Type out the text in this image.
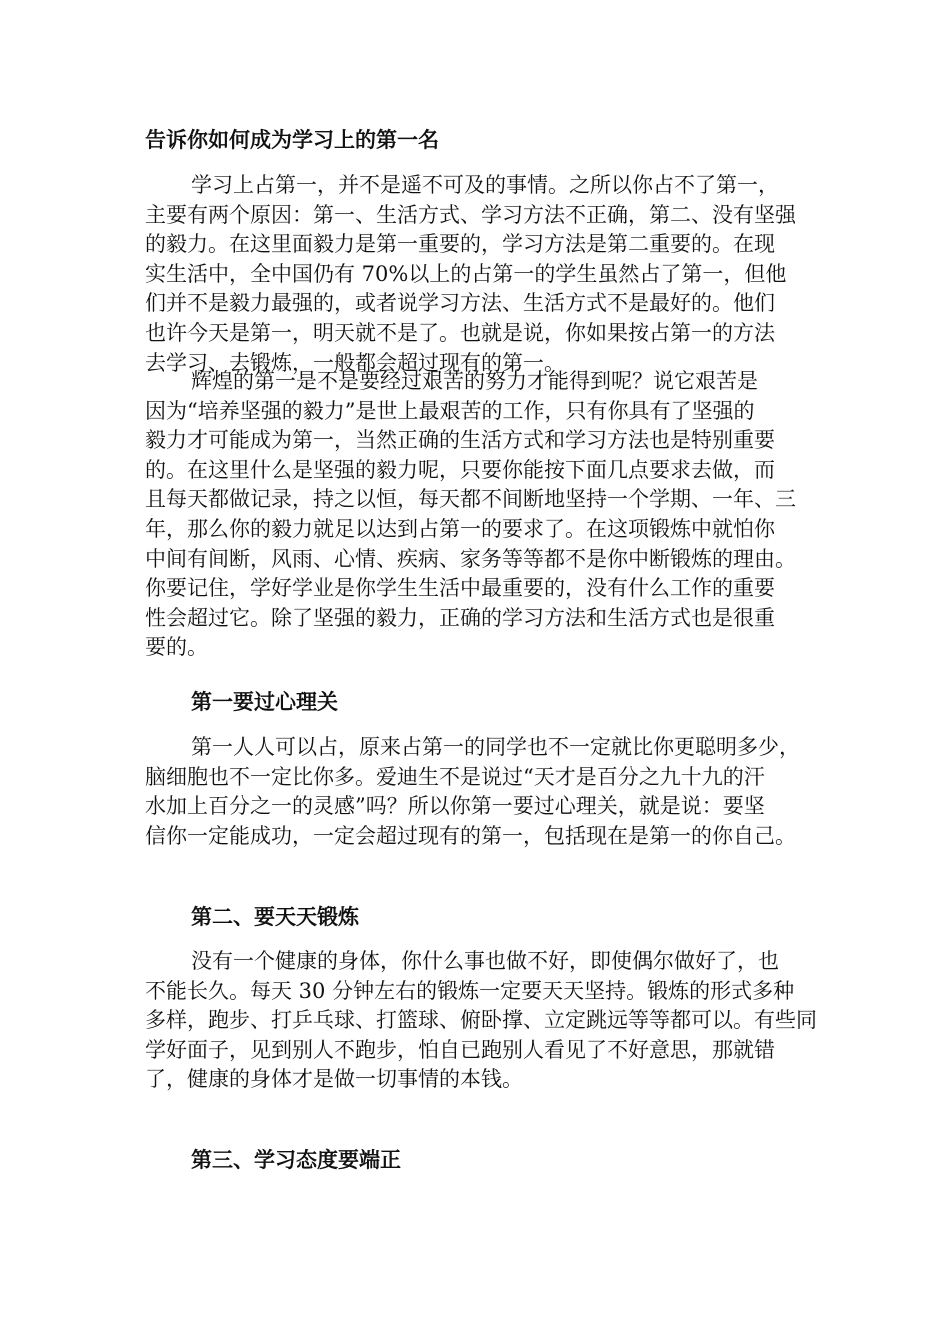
告诉你如何成为学习上的第一名
学习上占第一，并不是遥不可及的事情。之所以你占不了第一，
主要有两个原因：第一、生活方式、学习方法不正确，第二、没有坚强
的毅力。在这里面毅力是第一重要的，学习方法是第二重要的。在现
实生活中，全中国仍有 70%以上的占第一的学生虽然占了第一，但他
们并不是毅力最强的，或者说学习方法、生活方式不是最好的。他们
也许今天是第一，明天就不是了。也就是说，你如果按占第一的方法
去学习、去锻炼，一般都会超过现有的第一。
辉煌的第一是不是要经过艰苦的努力才能得到呢？说它艰苦是
因为“培养坚强的毅力”是世上最艰苦的工作，只有你具有了坚强的
毅力才可能成为第一，当然正确的生活方式和学习方法也是特别重要
的。在这里什么是坚强的毅力呢，只要你能按下面几点要求去做，而
且每天都做记录，持之以恒，每天都不间断地坚持一个学期、一年、三
年，那么你的毅力就足以达到占第一的要求了。在这项锻炼中就怕你
中间有间断，风雨、心情、疾病、家务等等都不是你中断锻炼的理由。
你要记住，学好学业是你学生生活中最重要的，没有什么工作的重要
性会超过它。除了坚强的毅力，正确的学习方法和生活方式也是很重
要的。
第一要过心理关
第一人人可以占，原来占第一的同学也不一定就比你更聪明多少，
脑细胞也不一定比你多。爱迪生不是说过“天才是百分之九十九的汗
水加上百分之一的灵感”吗？所以你第一要过心理关，就是说：要坚
信你一定能成功，一定会超过现有的第一，包括现在是第一的你自己。
第二、要天天锻炼
没有一个健康的身体，你什么事也做不好，即使偶尔做好了，也
不能长久。每天 30 分钟左右的锻炼一定要天天坚持。锻炼的形式多种
多样，跑步、打乒乓球、打篮球、俯卧撑、立定跳远等等都可以。有些同
学好面子，见到别人不跑步，怕自已跑别人看见了不好意思，那就错
了，健康的身体才是做一切事情的本钱。
第三、学习态度要端正
